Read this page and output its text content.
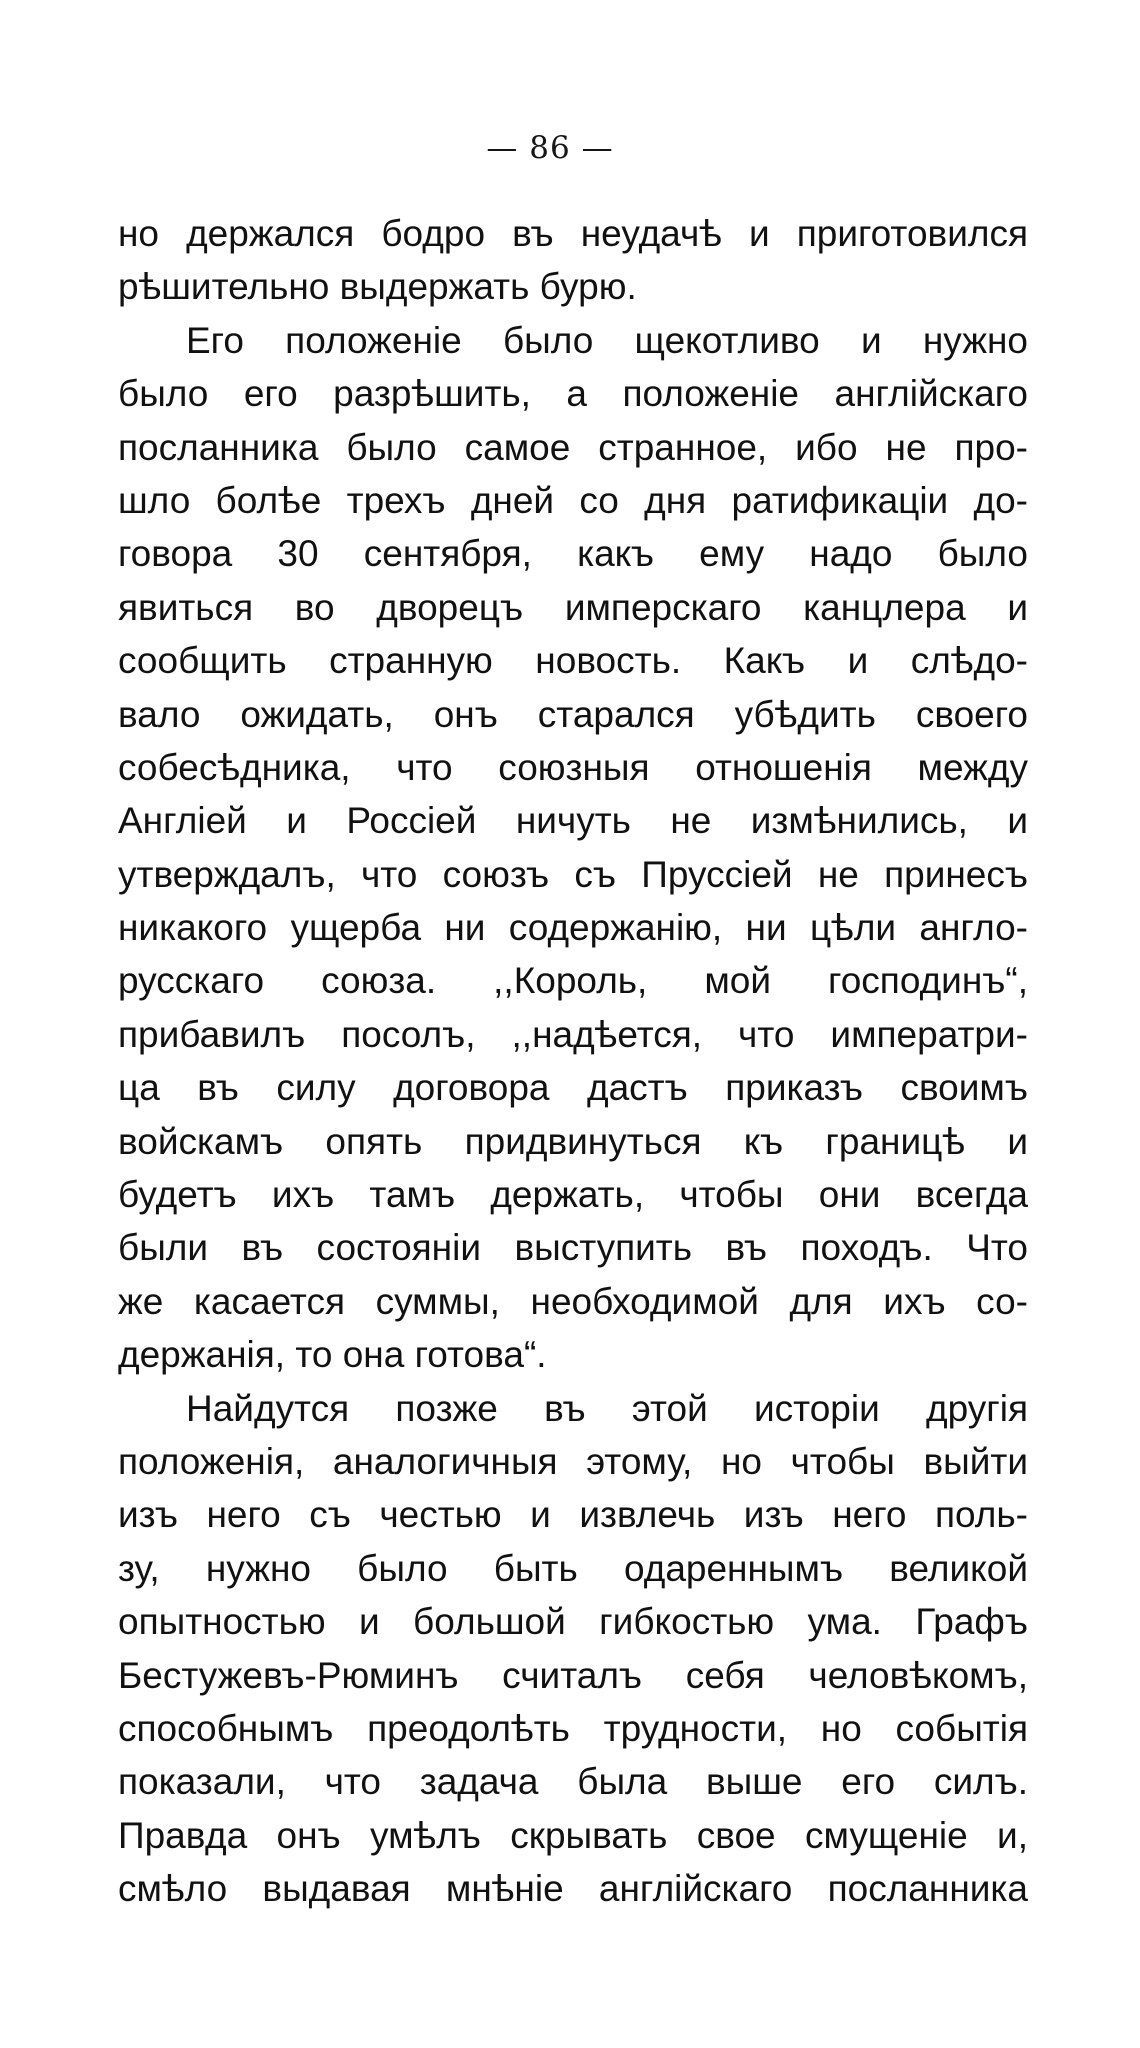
— 86 —
но держался бодро въ неудачѣ и приготовился
рѣшительно выдержать бурю.
Его положенiе было щекотливо и нужно
было его разрѣшить, а положенiе англiйскаго
посланника было самое странное, ибо не про-
шло болѣе трехъ дней со дня ратификацiи до-
говора 30 сентября, какъ ему надо было
явиться во дворецъ имперскаго канцлера и
сообщить странную новость. Какъ и слѣдо-
вало ожидать, онъ старался убѣдить своего
собесѣдника, что союзныя отношенiя между
Англiей и Россiей ничуть не измѣнились, и
утверждалъ, что союзъ съ Пруссiей не принесъ
никакого ущерба ни содержанiю, ни цѣли англо-
русскаго союза. ,,Король, мой господинъ“,
прибавилъ посолъ, ,,надѣется, что императри-
ца въ силу договора дастъ приказъ своимъ
войскамъ опять придвинуться къ границѣ и
будетъ ихъ тамъ держать, чтобы они всегда
были въ состоянiи выступить въ походъ. Что
же касается суммы, необходимой для ихъ со-
держанiя, то она готова“.
Найдутся позже въ этой исторiи другiя
положенiя, аналогичныя этому, но чтобы выйти
изъ него съ честью и извлечь изъ него поль-
зу, нужно было быть одареннымъ великой
опытностью и большой гибкостью ума. Графъ
Бестужевъ-Рюминъ считалъ себя человѣкомъ,
способнымъ преодолѣть трудности, но событiя
показали, что задача была выше его силъ.
Правда онъ умѣлъ скрывать свое смущенiе и,
смѣло выдавая мнѣнiе англiйскаго посланника
